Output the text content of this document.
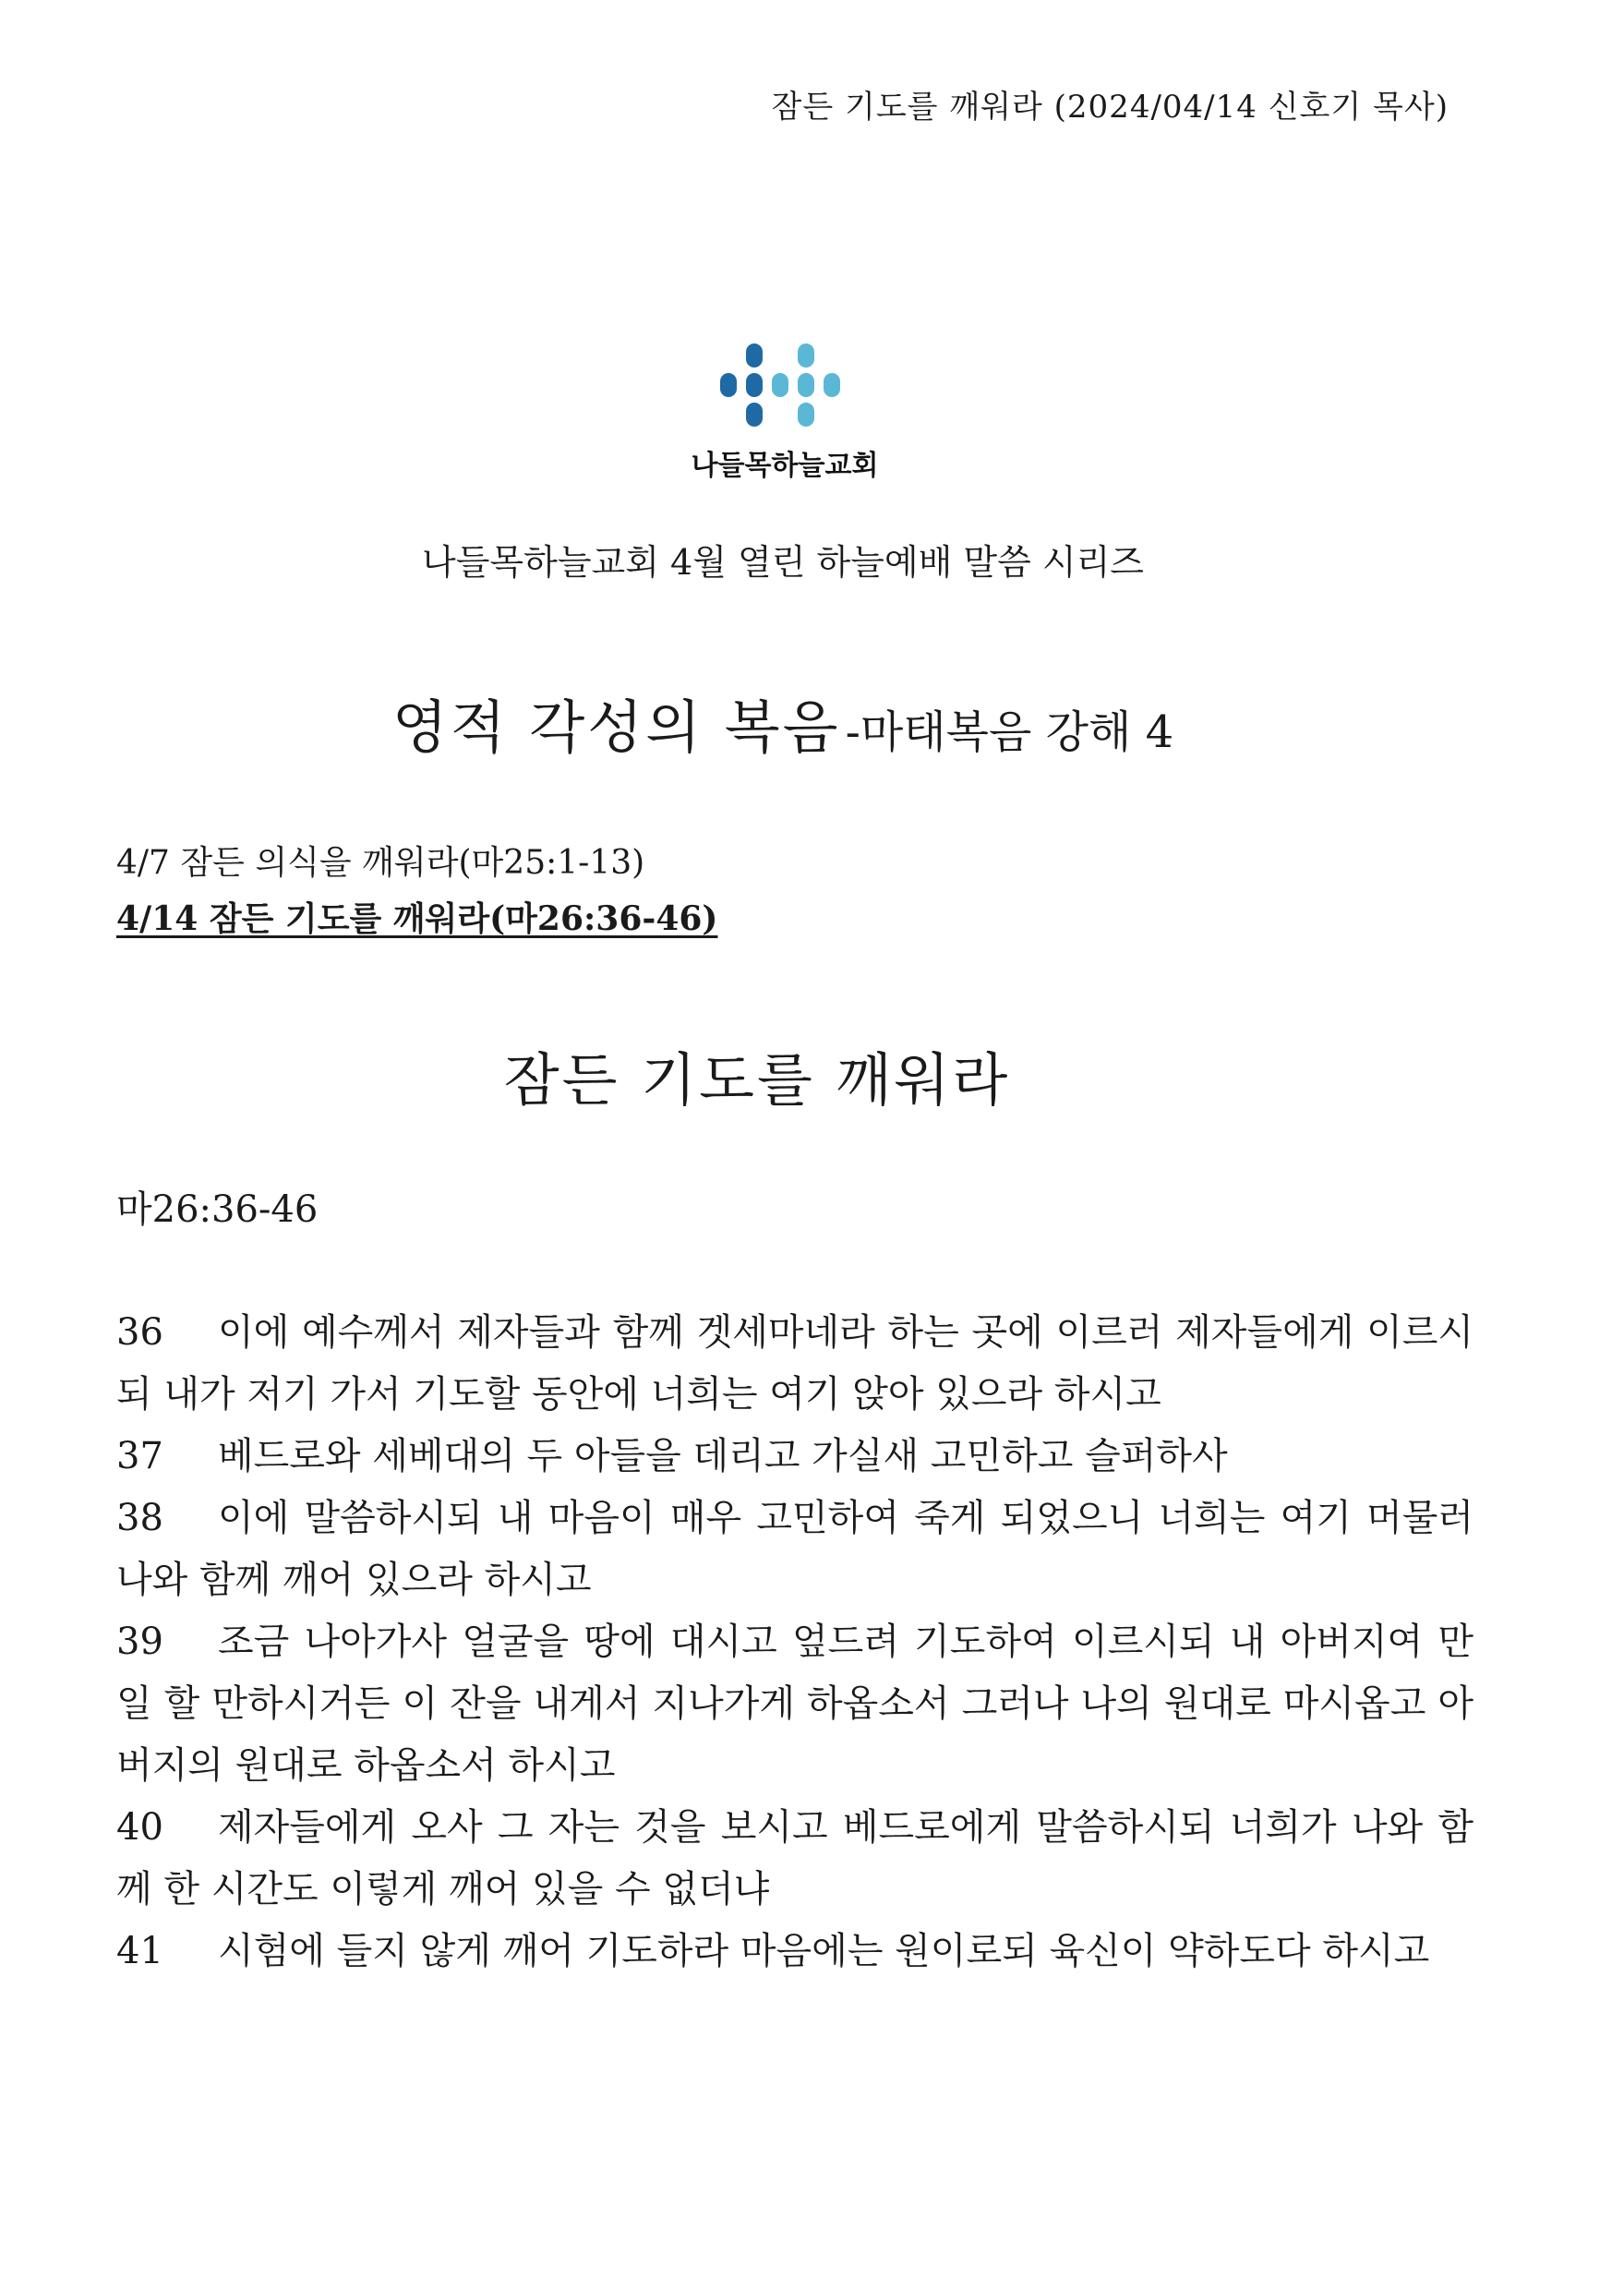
잠든 기도를 깨워라 (2024/04/14 신호기 목사)
나들목하늘교회
나들목하늘교회 4월 열린 하늘예배 말씀 시리즈
영적 각성의 복음 -마태복음 강해 4
4/7 잠든 의식을 깨워라(마25:1-13)
4/14 잠든 기도를 깨워라(마26:36-46)
잠든 기도를 깨워라
마26:36-46
36 이에 예수께서 제자들과 함께 겟세마네라 하는 곳에 이르러 제자들에게 이르시되 내가 저기 가서 기도할 동안에 너희는 여기 앉아 있으라 하시고
37 베드로와 세베대의 두 아들을 데리고 가실새 고민하고 슬퍼하사
38 이에 말씀하시되 내 마음이 매우 고민하여 죽게 되었으니 너희는 여기 머물러 나와 함께 깨어 있으라 하시고
39 조금 나아가사 얼굴을 땅에 대시고 엎드려 기도하여 이르시되 내 아버지여 만일 할 만하시거든 이 잔을 내게서 지나가게 하옵소서 그러나 나의 원대로 마시옵고 아버지의 원대로 하옵소서 하시고
40 제자들에게 오사 그 자는 것을 보시고 베드로에게 말씀하시되 너희가 나와 함께 한 시간도 이렇게 깨어 있을 수 없더냐
41 시험에 들지 않게 깨어 기도하라 마음에는 원이로되 육신이 약하도다 하시고
